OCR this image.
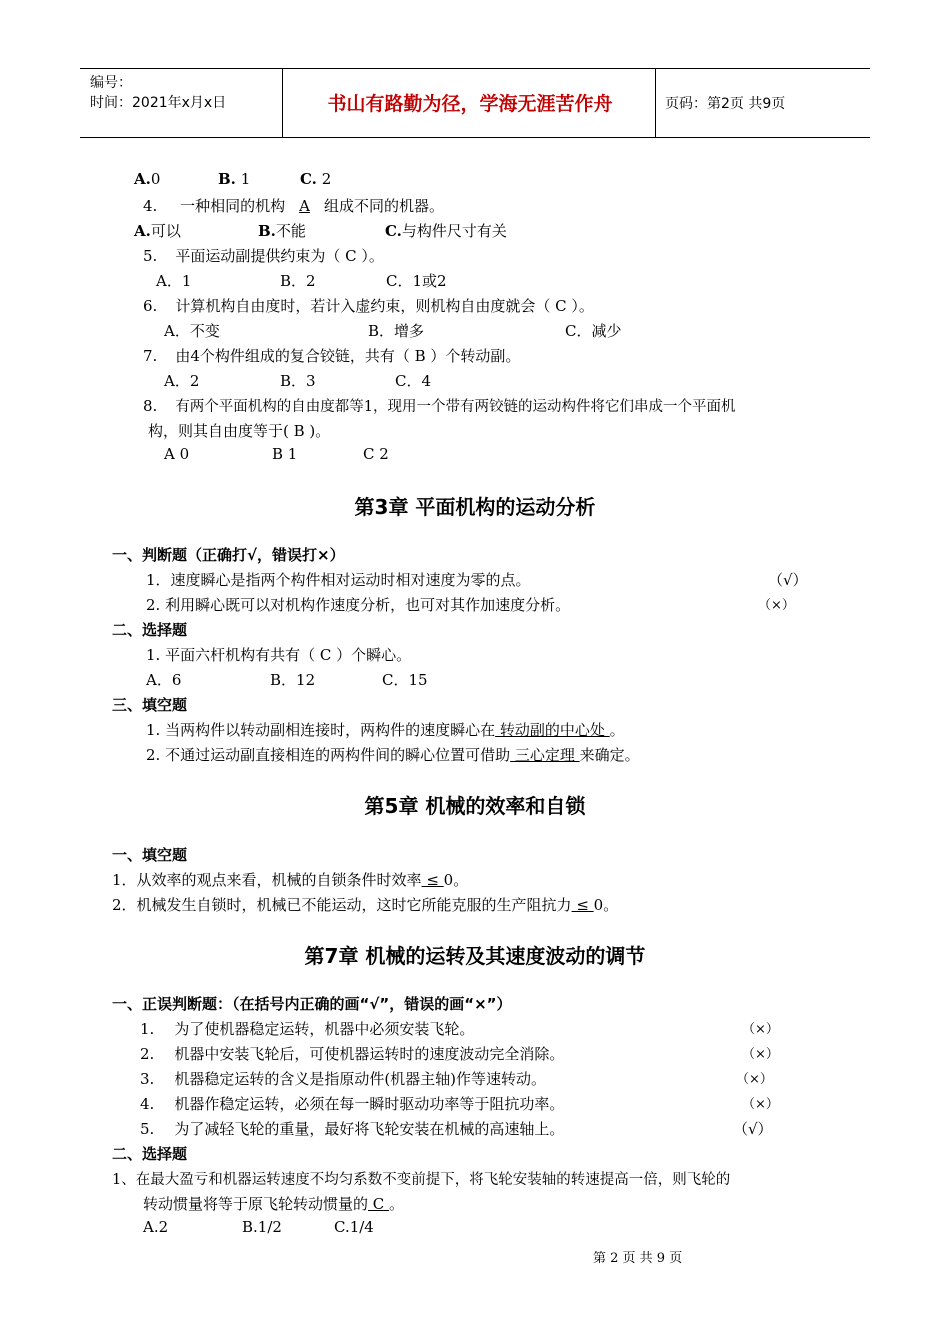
编号：
时间：2021年x月x日	书山有路勤为径，学海无涯苦作舟	页码：第2页 共9页
A.0	B. 1	C. 2
4. 一种相同的机构 A 组成不同的机器。
A.可以	B.不能	C.与构件尺寸有关
5. 平面运动副提供约束为（ C ）。
A．1	B．2	C．1或2
6. 计算机构自由度时，若计入虚约束，则机构自由度就会（ C ）。
A．不变	B．增多	C．减少
7. 由4个构件组成的复合铰链，共有（ B ）个转动副。
A．2	B．3	C．4
8. 有两个平面机构的自由度都等1，现用一个带有两铰链的运动构件将它们串成一个平面机
构，则其自由度等于( B )。
A 0	B 1	C 2
第3章 平面机构的运动分析
一、判断题（正确打√，错误打×）
1．速度瞬心是指两个构件相对运动时相对速度为零的点。	（√）
2. 利用瞬心既可以对机构作速度分析，也可对其作加速度分析。	（×）
二、选择题
1. 平面六杆机构有共有（ C ）个瞬心。
A．6	B．12	C．15
三、填空题
1. 当两构件以转动副相连接时，两构件的速度瞬心在 转动副的中心处 。
2. 不通过运动副直接相连的两构件间的瞬心位置可借助 三心定理 来确定。
第5章 机械的效率和自锁
一、填空题
1．从效率的观点来看，机械的自锁条件时效率 ≤ 0。
2．机械发生自锁时，机械已不能运动，这时它所能克服的生产阻抗力 ≤ 0。
第7章 机械的运转及其速度波动的调节
一、正误判断题：（在括号内正确的画“√”，错误的画“×”）
1. 为了使机器稳定运转，机器中必须安装飞轮。	（×）
2. 机器中安装飞轮后，可使机器运转时的速度波动完全消除。	（×）
3. 机器稳定运转的含义是指原动件(机器主轴)作等速转动。	（×）
4. 机器作稳定运转，必须在每一瞬时驱动功率等于阻抗功率。	（×）
5. 为了减轻飞轮的重量，最好将飞轮安装在机械的高速轴上。	（√）
二、选择题
1、在最大盈亏和机器运转速度不均匀系数不变前提下，将飞轮安装轴的转速提高一倍，则飞轮的
转动惯量将等于原飞轮转动惯量的 C 。
A.2	B.1/2	C.1/4
第 2 页 共 9 页
